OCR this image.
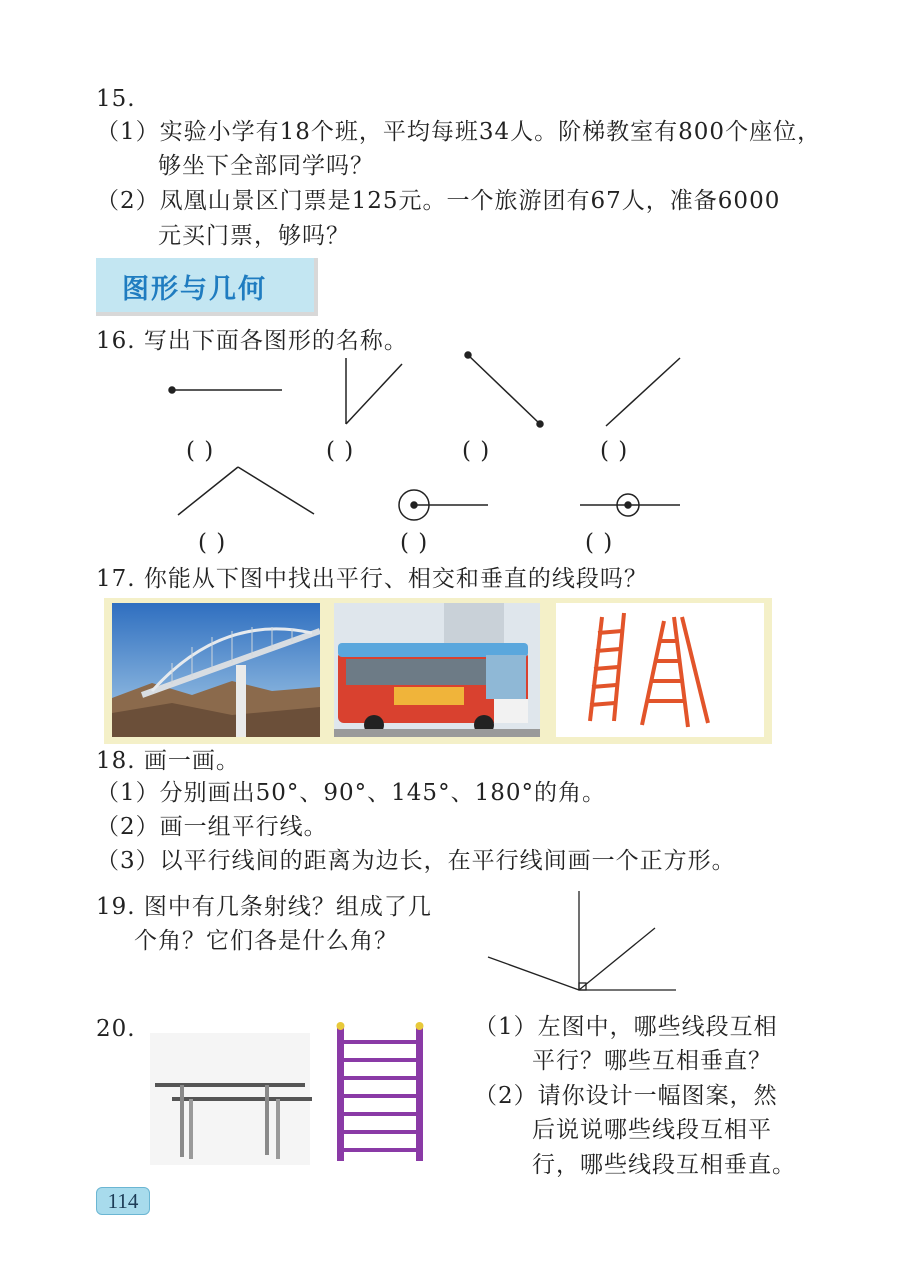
15.
（1）实验小学有18个班，平均每班34人。阶梯教室有800个座位，
够坐下全部同学吗？
（2）凤凰山景区门票是125元。一个旅游团有67人，准备6000
元买门票，够吗？
图形与几何
16. 写出下面各图形的名称。
( )	( )	( )	( )
( )	( )	( )
17. 你能从下图中找出平行、相交和垂直的线段吗？
18. 画一画。
（1）分别画出50°、90°、145°、180°的角。
（2）画一组平行线。
（3）以平行线间的距离为边长，在平行线间画一个正方形。
19. 图中有几条射线？组成了几
个角？它们各是什么角？
20.	（1）左图中，哪些线段互相
平行？哪些互相垂直？
（2）请你设计一幅图案，然
后说说哪些线段互相平
行，哪些线段互相垂直。
114
